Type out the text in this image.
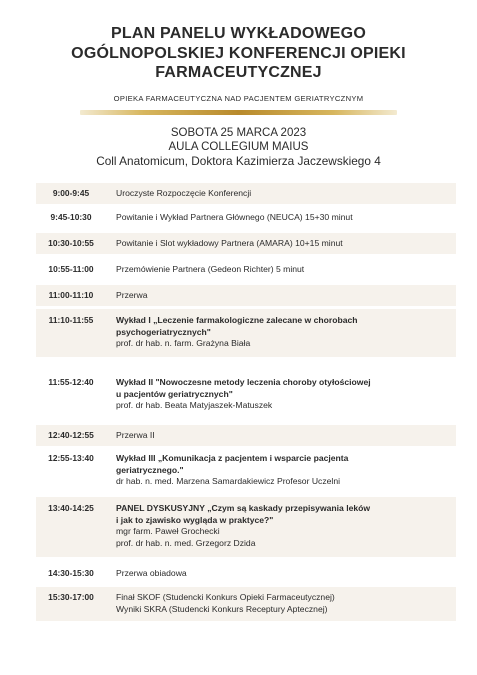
PLAN PANELU WYKŁADOWEGO
OGÓLNOPOLSKIEJ KONFERENCJI OPIEKI
FARMACEUTYCZNEJ
OPIEKA FARMACEUTYCZNA NAD PACJENTEM GERIATRYCZNYM
SOBOTA 25 MARCA 2023
AULA COLLEGIUM MAIUS
Coll Anatomicum, Doktora Kazimierza Jaczewskiego 4
9:00-9:45	Uroczyste Rozpoczęcie Konferencji
9:45-10:30	Powitanie i Wykład Partnera Głównego (NEUCA) 15+30 minut
10:30-10:55	Powitanie i Slot wykładowy Partnera (AMARA) 10+15 minut
10:55-11:00	Przemówienie Partnera (Gedeon Richter) 5 minut
11:00-11:10	Przerwa
11:10-11:55	Wykład I „Leczenie farmakologiczne zalecane w chorobach
psychogeriatrycznych"
prof. dr hab. n. farm. Grażyna Biała
11:55-12:40	Wykład II "Nowoczesne metody leczenia choroby otyłościowej
u pacjentów geriatrycznych"
prof. dr hab. Beata Matyjaszek-Matuszek
12:40-12:55	Przerwa II
12:55-13:40	Wykład III „Komunikacja z pacjentem i wsparcie pacjenta
geriatrycznego."
dr hab. n. med. Marzena Samardakiewicz Profesor Uczelni
13:40-14:25	PANEL DYSKUSYJNY „Czym są kaskady przepisywania leków
i jak to zjawisko wygląda w praktyce?"
mgr farm. Paweł Grochecki
prof. dr hab. n. med. Grzegorz Dzida
14:30-15:30	Przerwa obiadowa
15:30-17:00	Finał SKOF (Studencki Konkurs Opieki Farmaceutycznej)
Wyniki SKRA (Studencki Konkurs Receptury Aptecznej)
